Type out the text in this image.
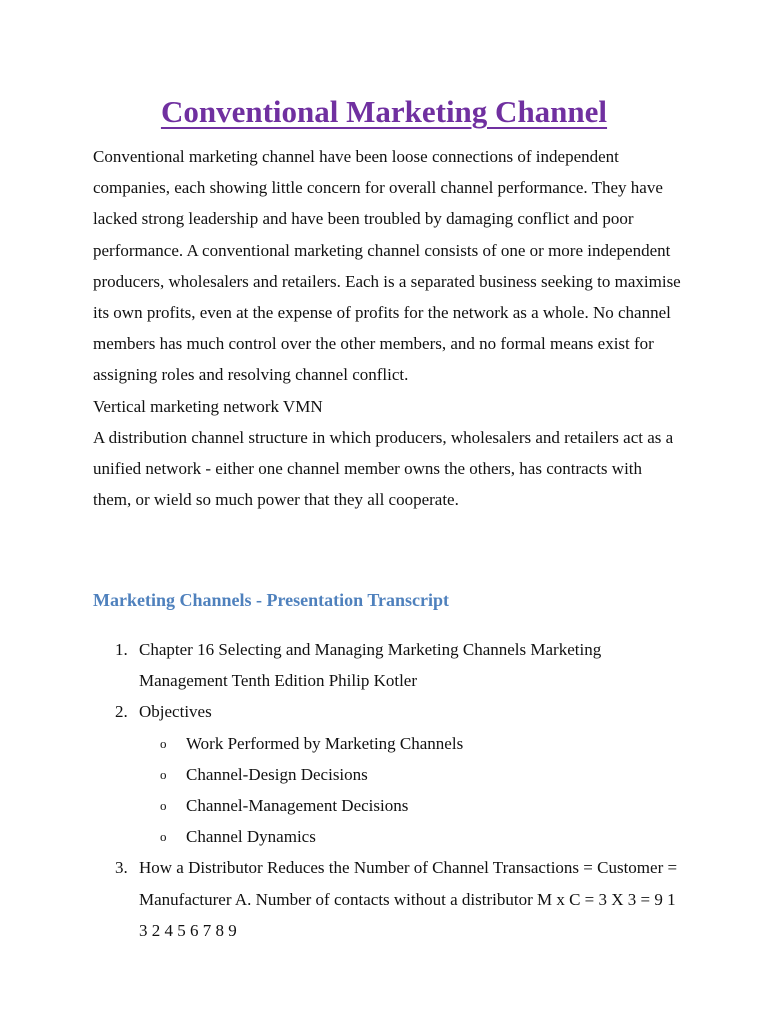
Conventional Marketing Channel

Conventional marketing channel have been loose connections of independent companies, each showing little concern for overall channel performance. They have lacked strong leadership and have been troubled by damaging conflict and poor performance. A conventional marketing channel consists of one or more independent producers, wholesalers and retailers. Each is a separated business seeking to maximise its own profits, even at the expense of profits for the network as a whole. No channel members has much control over the other members, and no formal means exist for assigning roles and resolving channel conflict.

Vertical marketing network VMN

A distribution channel structure in which producers, wholesalers and retailers act as a unified network - either one channel member owns the others, has contracts with them, or wield so much power that they all cooperate.

Marketing Channels - Presentation Transcript
1. Chapter 16 Selecting and Managing Marketing Channels Marketing Management Tenth Edition Philip Kotler
2. Objectives
o Work Performed by Marketing Channels
o Channel-Design Decisions
o Channel-Management Decisions
o Channel Dynamics
3. How a Distributor Reduces the Number of Channel Transactions = Customer = Manufacturer A. Number of contacts without a distributor M x C = 3 X 3 = 9 1 3 2 4 5 6 7 8 9
